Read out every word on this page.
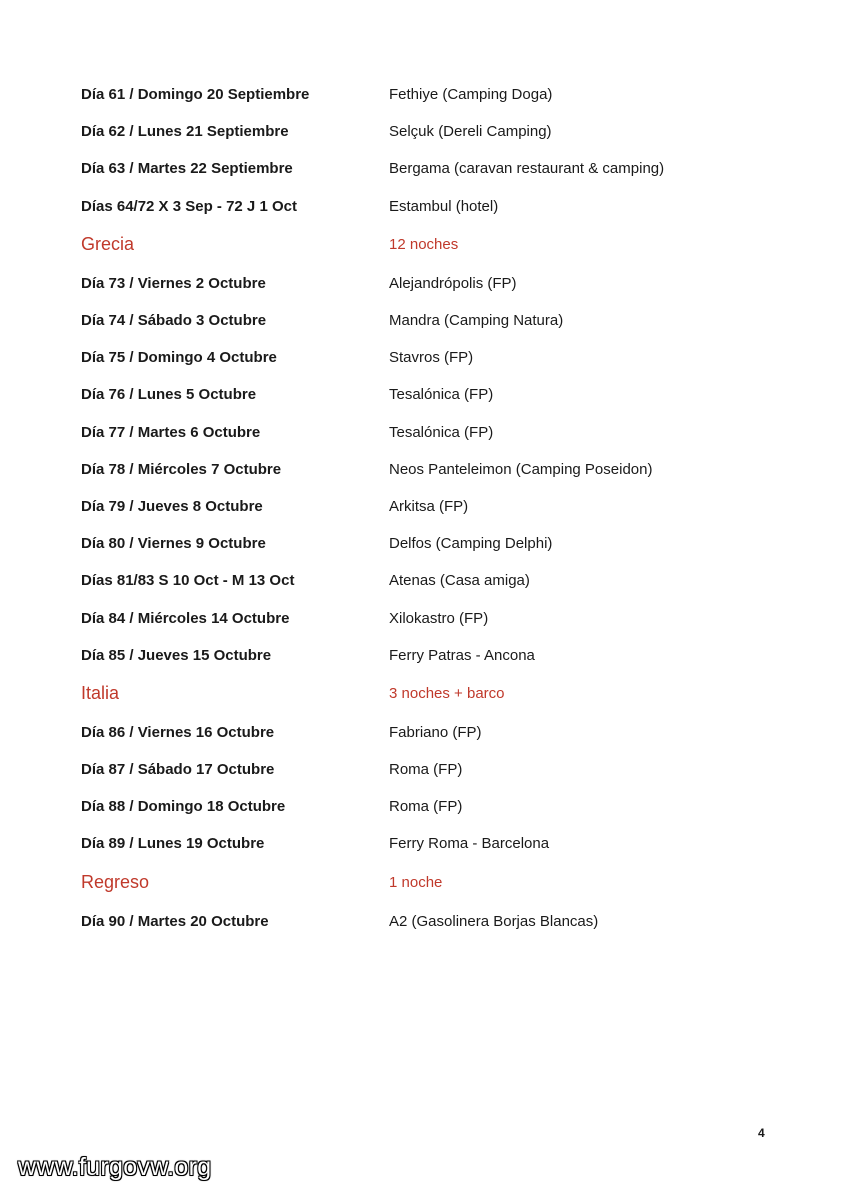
Día 61 / Domingo 20 Septiembre	Fethiye (Camping Doga)
Día 62 / Lunes 21 Septiembre	Selçuk (Dereli Camping)
Día 63 / Martes 22 Septiembre	Bergama (caravan restaurant & camping)
Días 64/72 X 3 Sep - 72 J 1 Oct	Estambul (hotel)
Grecia	12 noches
Día 73 / Viernes 2 Octubre	Alejandrópolis (FP)
Día 74 / Sábado 3 Octubre	Mandra (Camping Natura)
Día 75 / Domingo 4 Octubre	Stavros (FP)
Día 76 / Lunes 5 Octubre	Tesalónica (FP)
Día 77 / Martes 6 Octubre	Tesalónica (FP)
Día 78 / Miércoles 7 Octubre	Neos Panteleimon (Camping Poseidon)
Día 79 / Jueves 8 Octubre	Arkitsa (FP)
Día 80 / Viernes 9 Octubre	Delfos (Camping Delphi)
Días 81/83 S 10 Oct - M 13 Oct	Atenas (Casa amiga)
Día 84 / Miércoles 14 Octubre	Xilokastro (FP)
Día 85 / Jueves 15 Octubre	Ferry Patras - Ancona
Italia	3 noches + barco
Día 86 / Viernes 16 Octubre	Fabriano (FP)
Día 87 / Sábado 17 Octubre	Roma (FP)
Día 88 / Domingo 18 Octubre	Roma (FP)
Día 89 / Lunes 19 Octubre	Ferry Roma - Barcelona
Regreso	1 noche
Día 90 / Martes 20 Octubre	A2 (Gasolinera Borjas Blancas)
4
www.furgovw.org
